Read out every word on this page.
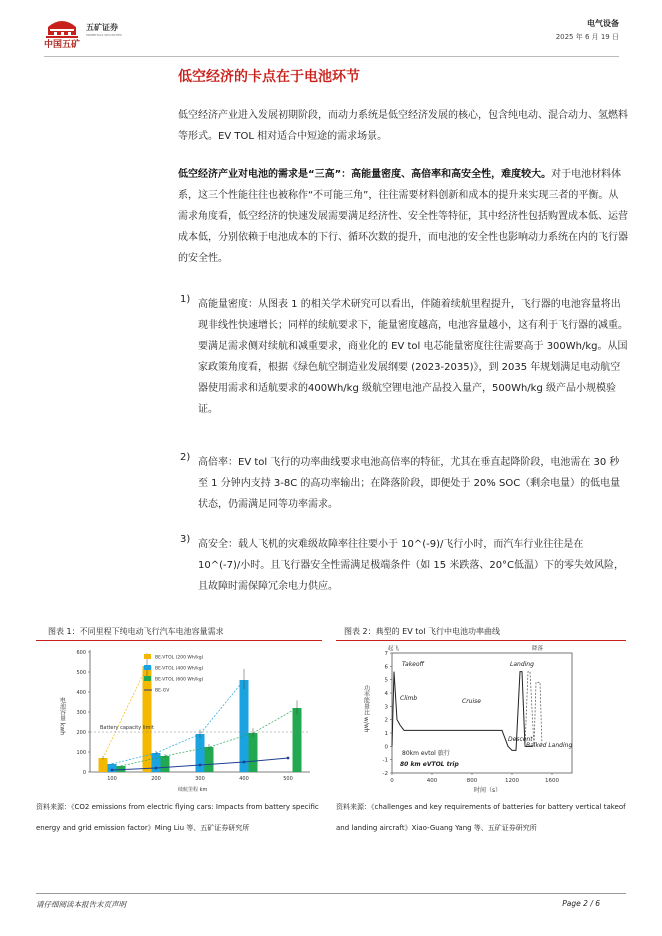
中国五矿
五矿证券
MINMETALS SECURITIES
电气设备
2025 年 6 月 19 日
低空经济的卡点在于电池环节
低空经济产业进入发展初期阶段，而动力系统是低空经济发展的核心，包含纯电动、混合动力、氢燃料等形式。EV TOL 相对适合中短途的需求场景。
低空经济产业对电池的需求是“三高”：高能量密度、高倍率和高安全性，难度较大。对于电池材料体系，这三个性能往往也被称作“不可能三角”，往往需要材料创新和成本的提升来实现三者的平衡。从需求角度看，低空经济的快速发展需要满足经济性、安全性等特征，其中经济性包括购置成本低、运营成本低，分别依赖于电池成本的下行、循环次数的提升，而电池的安全性也影响动力系统在内的飞行器的安全性。
1) 高能量密度：从图表 1 的相关学术研究可以看出，伴随着续航里程提升，飞行器的电池容量将出现非线性快速增长；同样的续航要求下，能量密度越高，电池容量越小，这有利于飞行器的减重。要满足需求侧对续航和减重要求，商业化的 EV tol 电芯能量密度往往需要高于 300Wh/kg。从国家政策角度看，根据《绿色航空制造业发展纲要 (2023-2035)》，到 2035 年规划满足电动航空器使用需求和适航要求的400Wh/kg 级航空锂电池产品投入量产，500Wh/kg 级产品小规模验证。
2) 高倍率：EV tol 飞行的功率曲线要求电池高倍率的特征，尤其在垂直起降阶段，电池需在 30 秒至 1 分钟内支持 3-8C 的高功率输出；在降落阶段，即便处于 20% SOC（剩余电量）的低电量状态，仍需满足同等功率需求。
3) 高安全：载人飞机的灾难级故障率往往要小于 10^(-9)/飞行小时，而汽车行业往往是在 10^(-7)/小时。且飞行器安全性需满足极端条件（如 15 米跌落、20°C低温）下的零失效风险，且故障时需保障冗余电力供应。
图表 1：不同里程下纯电动飞行汽车电池容量需求
0
100
200
300
400
500
600
100	200	300	400	500
Battery capacity limit
电池容量 kwh
续航里程 km
BE-VTOL (200 Wh/kg)
BE-VTOL (400 Wh/kg)
BE-VTOL (600 Wh/kg)
BE-GV
资料来源：《CO2 emissions from electric flying cars: Impacts from battery specific energy and grid emission factor》Ming Liu 等、五矿证券研究所
图表 2：典型的 EV tol 飞行中电池功率曲线
-2
-1
0
1
2
3
4
5
6
7
0	400	800	1200	1600
起飞	降落
Takeoff	Landing
Climb	Cruise
Descent
Balked Landing
80km evtol 旅行
80 km eVTOL trip
功率能量比 w/wh
时间（s）
资料来源：《challenges and key requirements of batteries for battery vertical takeof and landing aircraft》Xiao-Guang Yang 等、五矿证券研究所
请仔细阅读本报告末页声明	Page 2 / 6
